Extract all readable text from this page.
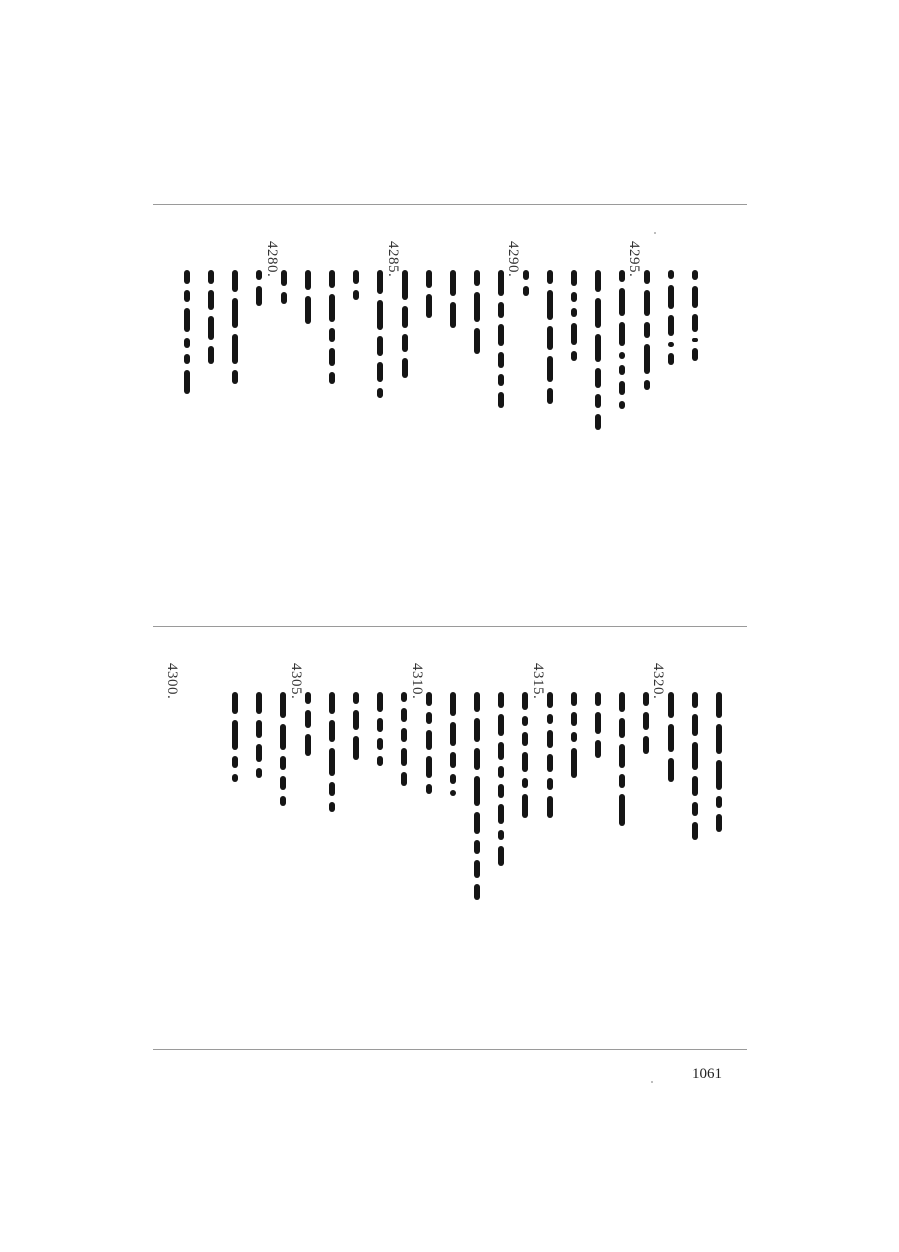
4295.
4290.
4285.
4280.
4320.
4315.
4310.
4305.
4300.
1061
